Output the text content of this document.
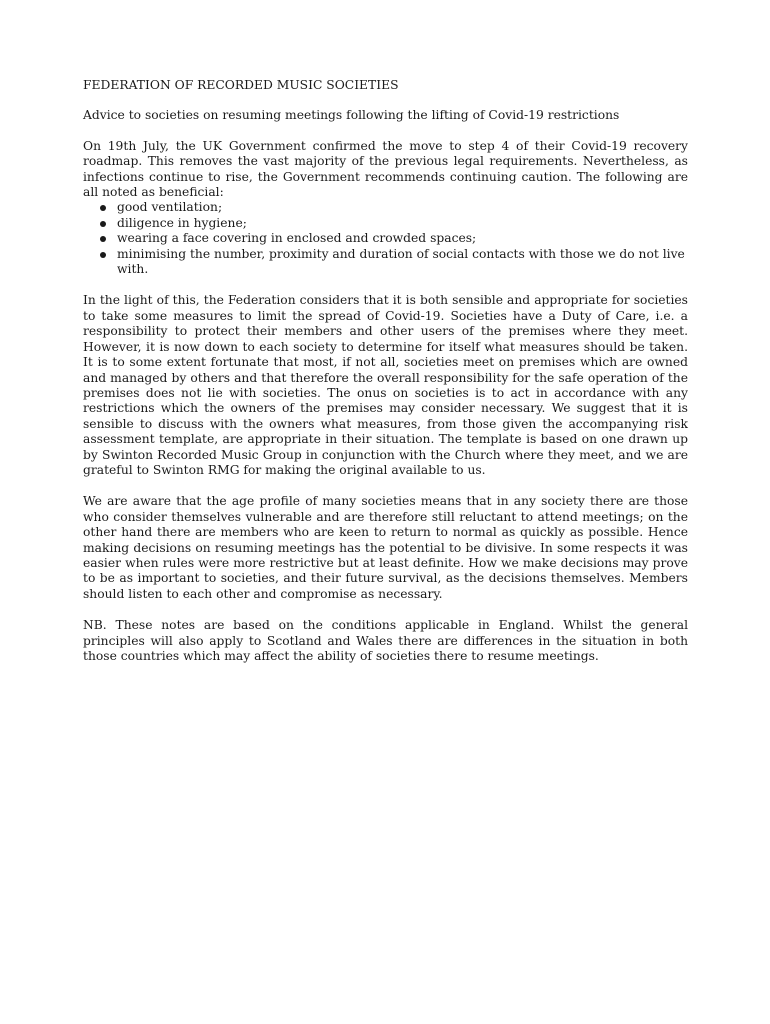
FEDERATION OF RECORDED MUSIC SOCIETIES

Advice to societies on resuming meetings following the lifting of Covid-19 restrictions

On 19th July, the UK Government confirmed the move to step 4 of their Covid-19 recovery roadmap. This removes the vast majority of the previous legal requirements. Nevertheless, as infections continue to rise, the Government recommends continuing caution. The following are all noted as beneficial:

good ventilation;
diligence in hygiene;
wearing a face covering in enclosed and crowded spaces;
minimising the number, proximity and duration of social contacts with those we do not live with.

In the light of this, the Federation considers that it is both sensible and appropriate for societies to take some measures to limit the spread of Covid-19. Societies have a Duty of Care, i.e. a responsibility to protect their members and other users of the premises where they meet. However, it is now down to each society to determine for itself what measures should be taken. It is to some extent fortunate that most, if not all, societies meet on premises which are owned and managed by others and that therefore the overall responsibility for the safe operation of the premises does not lie with societies. The onus on societies is to act in accordance with any restrictions which the owners of the premises may consider necessary. We suggest that it is sensible to discuss with the owners what measures, from those given the accompanying risk assessment template, are appropriate in their situation. The template is based on one drawn up by Swinton Recorded Music Group in conjunction with the Church where they meet, and we are grateful to Swinton RMG for making the original available to us.

We are aware that the age profile of many societies means that in any society there are those who consider themselves vulnerable and are therefore still reluctant to attend meetings; on the other hand there are members who are keen to return to normal as quickly as possible. Hence making decisions on resuming meetings has the potential to be divisive. In some respects it was easier when rules were more restrictive but at least definite. How we make decisions may prove to be as important to societies, and their future survival, as the decisions themselves. Members should listen to each other and compromise as necessary.

NB. These notes are based on the conditions applicable in England. Whilst the general principles will also apply to Scotland and Wales there are differences in the situation in both those countries which may affect the ability of societies there to resume meetings.
